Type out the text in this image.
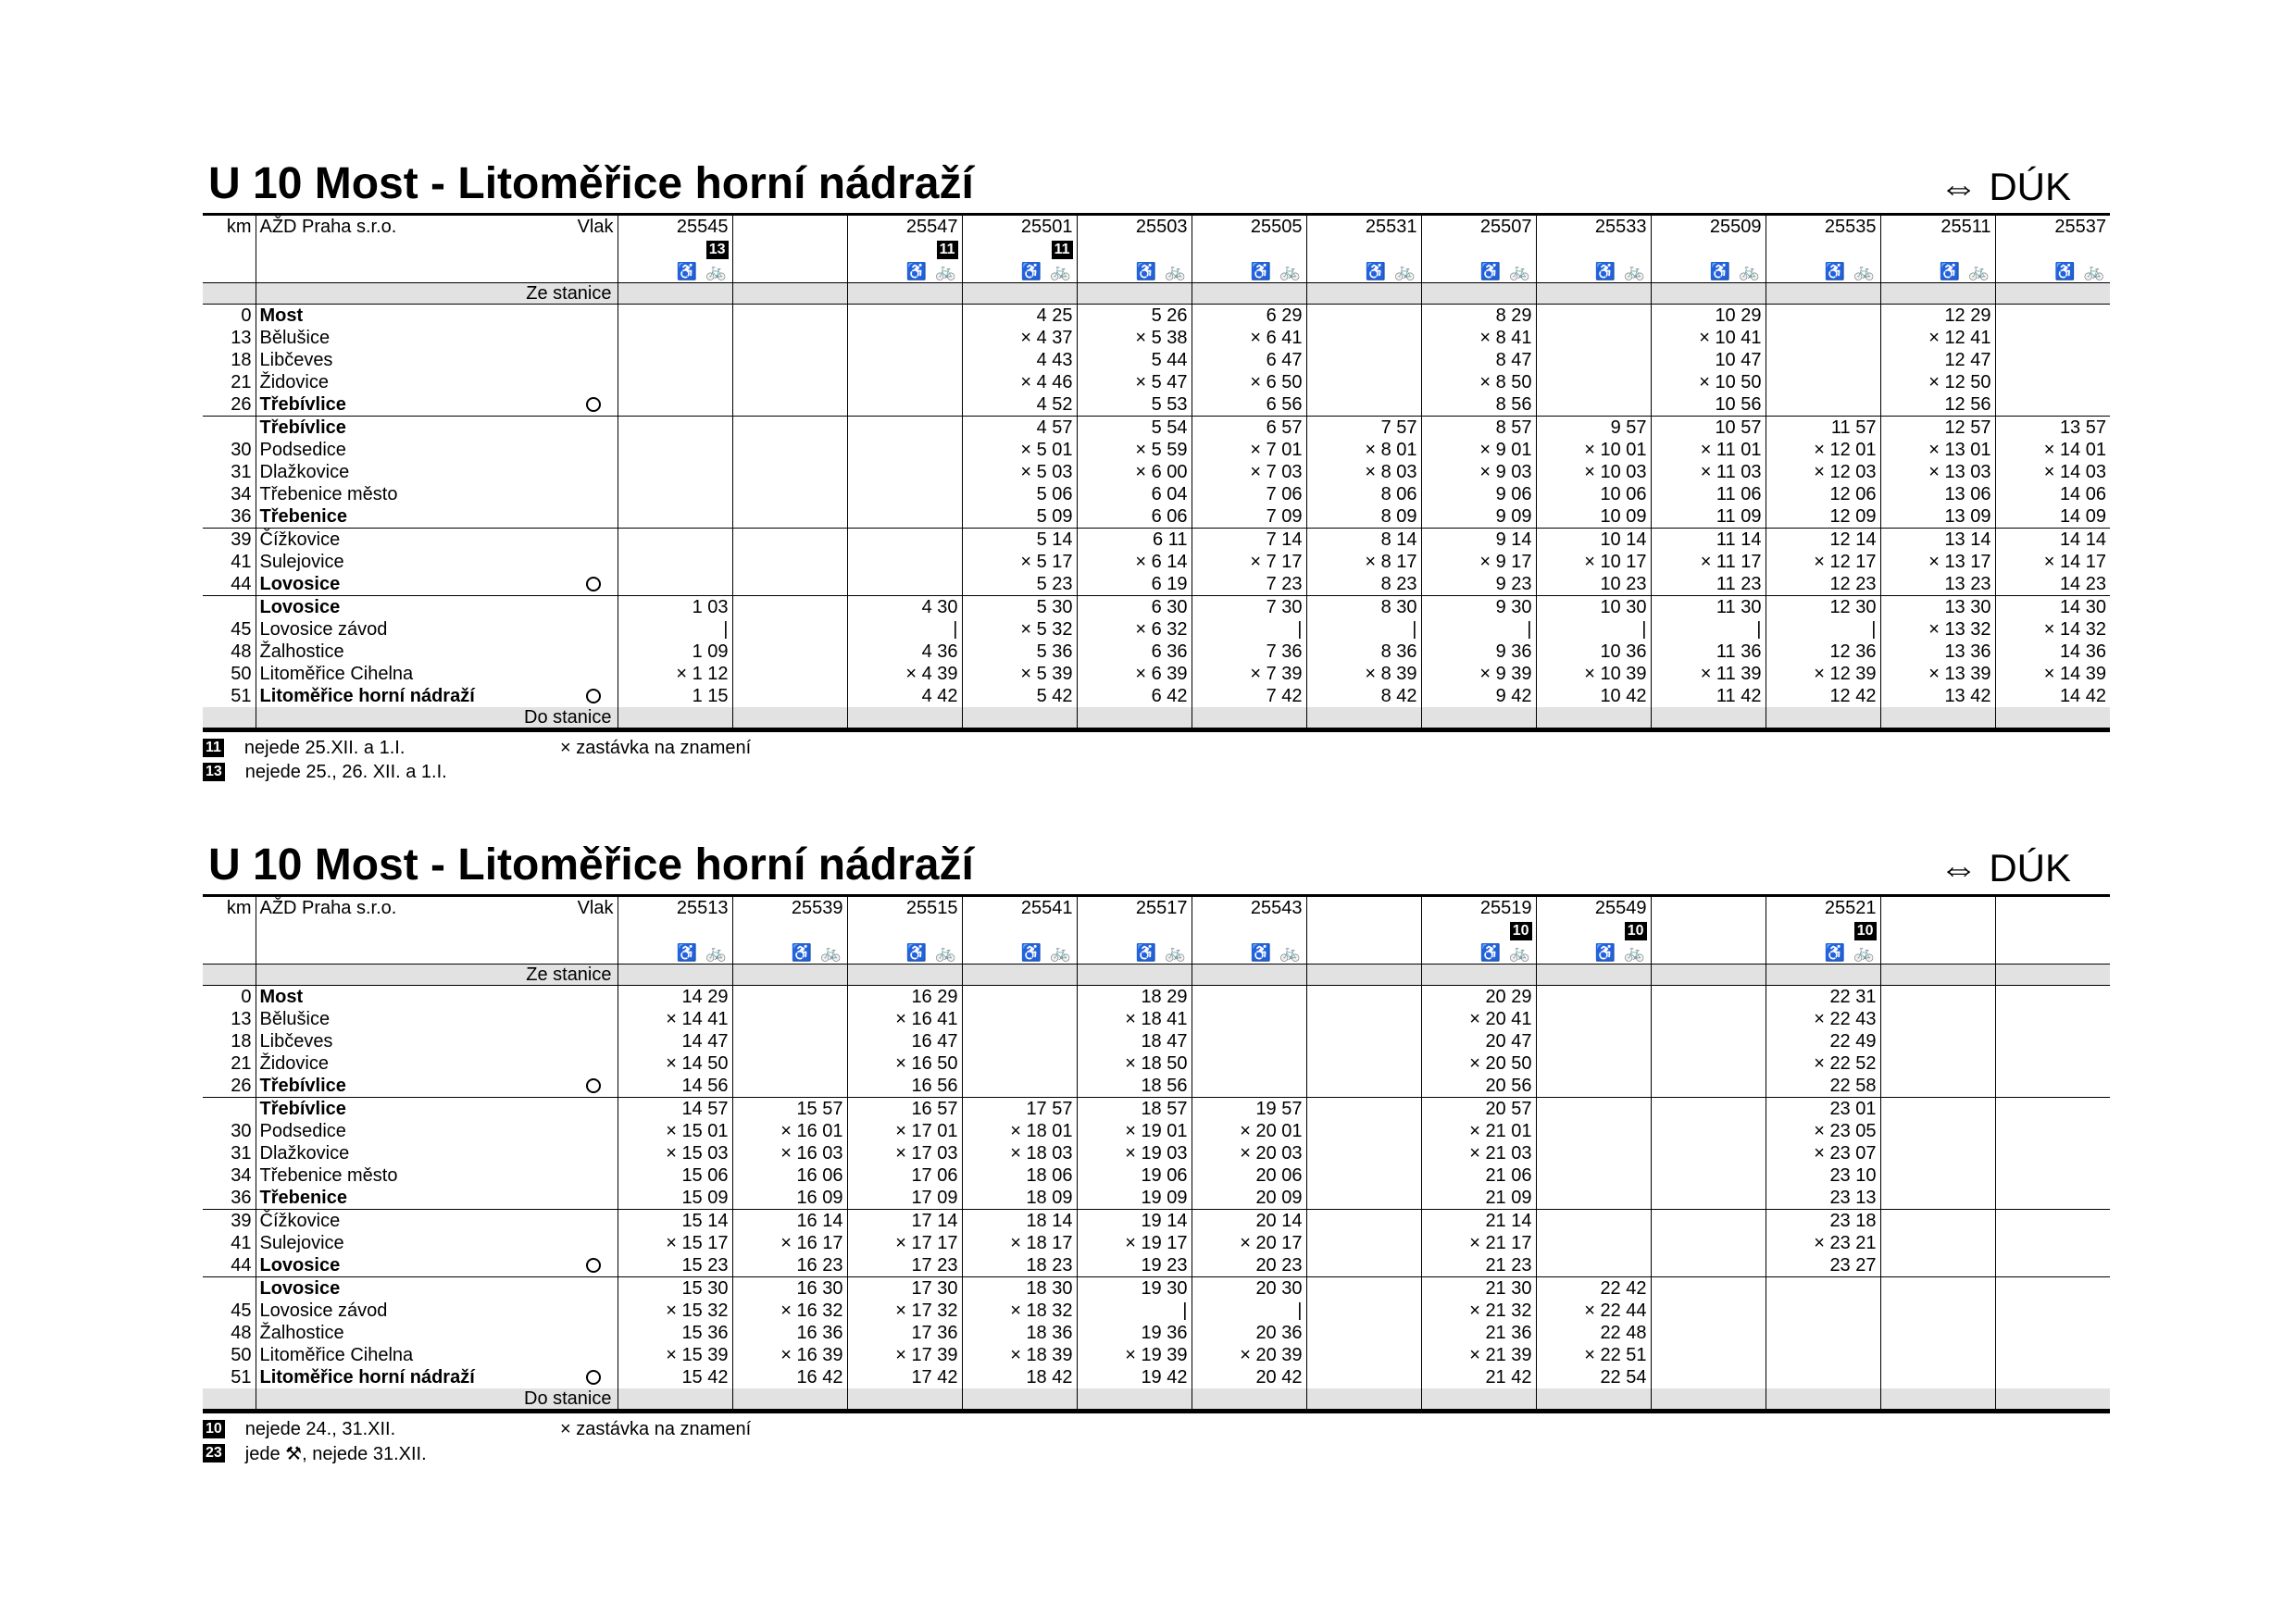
U 10 Most - Litoměřice horní nádraží	⇔ DÚK
km	AŽD Praha s.r.o. Vlak	25545		25547	25501	25503	25505	25531	25507	25533	25509	25535	25511	25537
		13		11	11									
		♿ 🚲		♿ 🚲	♿ 🚲	♿ 🚲	♿ 🚲	♿ 🚲	♿ 🚲	♿ 🚲	♿ 🚲	♿ 🚲	♿ 🚲	♿ 🚲
	Ze stanice													
0	Most				4 25	5 26	6 29		8 29		10 29		12 29	
13	Bělušice				× 4 37	× 5 38	× 6 41		× 8 41		× 10 41		× 12 41	
18	Libčeves				4 43	5 44	6 47		8 47		10 47		12 47	
21	Židovice				× 4 46	× 5 47	× 6 50		× 8 50		× 10 50		× 12 50	
26	Třebívlice				4 52	5 53	6 56		8 56		10 56		12 56	

	Třebívlice				4 57	5 54	6 57	7 57	8 57	9 57	10 57	11 57	12 57	13 57
30	Podsedice				× 5 01	× 5 59	× 7 01	× 8 01	× 9 01	× 10 01	× 11 01	× 12 01	× 13 01	× 14 01
31	Dlažkovice				× 5 03	× 6 00	× 7 03	× 8 03	× 9 03	× 10 03	× 11 03	× 12 03	× 13 03	× 14 03
34	Třebenice město				5 06	6 04	7 06	8 06	9 06	10 06	11 06	12 06	13 06	14 06
36	Třebenice				5 09	6 06	7 09	8 09	9 09	10 09	11 09	12 09	13 09	14 09
39	Čížkovice				5 14	6 11	7 14	8 14	9 14	10 14	11 14	12 14	13 14	14 14
41	Sulejovice				× 5 17	× 6 14	× 7 17	× 8 17	× 9 17	× 10 17	× 11 17	× 12 17	× 13 17	× 14 17
44	Lovosice				5 23	6 19	7 23	8 23	9 23	10 23	11 23	12 23	13 23	14 23

	Lovosice	1 03		4 30	5 30	6 30	7 30	8 30	9 30	10 30	11 30	12 30	13 30	14 30
45	Lovosice závod	|		|	× 5 32	× 6 32	|	|	|	|	|	|	× 13 32	× 14 32
48	Žalhostice	1 09		4 36	5 36	6 36	7 36	8 36	9 36	10 36	11 36	12 36	13 36	14 36
50	Litoměřice Cihelna	× 1 12		× 4 39	× 5 39	× 6 39	× 7 39	× 8 39	× 9 39	× 10 39	× 11 39	× 12 39	× 13 39	× 14 39
51	Litoměřice horní nádraží	1 15		4 42	5 42	6 42	7 42	8 42	9 42	10 42	11 42	12 42	13 42	14 42
	Do stanice													
11 nejede 25.XII. a 1.I.
13 nejede 25., 26. XII. a 1.I.
× zastávka na znamení
U 10 Most - Litoměřice horní nádraží	⇔ DÚK
km	AŽD Praha s.r.o. Vlak	25513	25539	25515	25541	25517	25543		25519	25549		25521		
									10	10		10		
		♿ 🚲	♿ 🚲	♿ 🚲	♿ 🚲	♿ 🚲	♿ 🚲		♿ 🚲	♿ 🚲		♿ 🚲		
	Ze stanice													
0	Most	14 29		16 29		18 29			20 29			22 31		
13	Bělušice	× 14 41		× 16 41		× 18 41			× 20 41			× 22 43		
18	Libčeves	14 47		16 47		18 47			20 47			22 49		
21	Židovice	× 14 50		× 16 50		× 18 50			× 20 50			× 22 52		
26	Třebívlice	14 56		16 56		18 56			20 56			22 58		

	Třebívlice	14 57	15 57	16 57	17 57	18 57	19 57		20 57			23 01		
30	Podsedice	× 15 01	× 16 01	× 17 01	× 18 01	× 19 01	× 20 01		× 21 01			× 23 05		
31	Dlažkovice	× 15 03	× 16 03	× 17 03	× 18 03	× 19 03	× 20 03		× 21 03			× 23 07		
34	Třebenice město	15 06	16 06	17 06	18 06	19 06	20 06		21 06			23 10		
36	Třebenice	15 09	16 09	17 09	18 09	19 09	20 09		21 09			23 13		
39	Čížkovice	15 14	16 14	17 14	18 14	19 14	20 14		21 14			23 18		
41	Sulejovice	× 15 17	× 16 17	× 17 17	× 18 17	× 19 17	× 20 17		× 21 17			× 23 21		
44	Lovosice	15 23	16 23	17 23	18 23	19 23	20 23		21 23			23 27		

	Lovosice	15 30	16 30	17 30	18 30	19 30	20 30		21 30	22 42				
45	Lovosice závod	× 15 32	× 16 32	× 17 32	× 18 32	|	|		× 21 32	× 22 44				
48	Žalhostice	15 36	16 36	17 36	18 36	19 36	20 36		21 36	22 48				
50	Litoměřice Cihelna	× 15 39	× 16 39	× 17 39	× 18 39	× 19 39	× 20 39		× 21 39	× 22 51				
51	Litoměřice horní nádraží	15 42	16 42	17 42	18 42	19 42	20 42		21 42	22 54				
	Do stanice													
10 nejede 24., 31.XII.
23 jede ⚒, nejede 31.XII.
× zastávka na znamení
